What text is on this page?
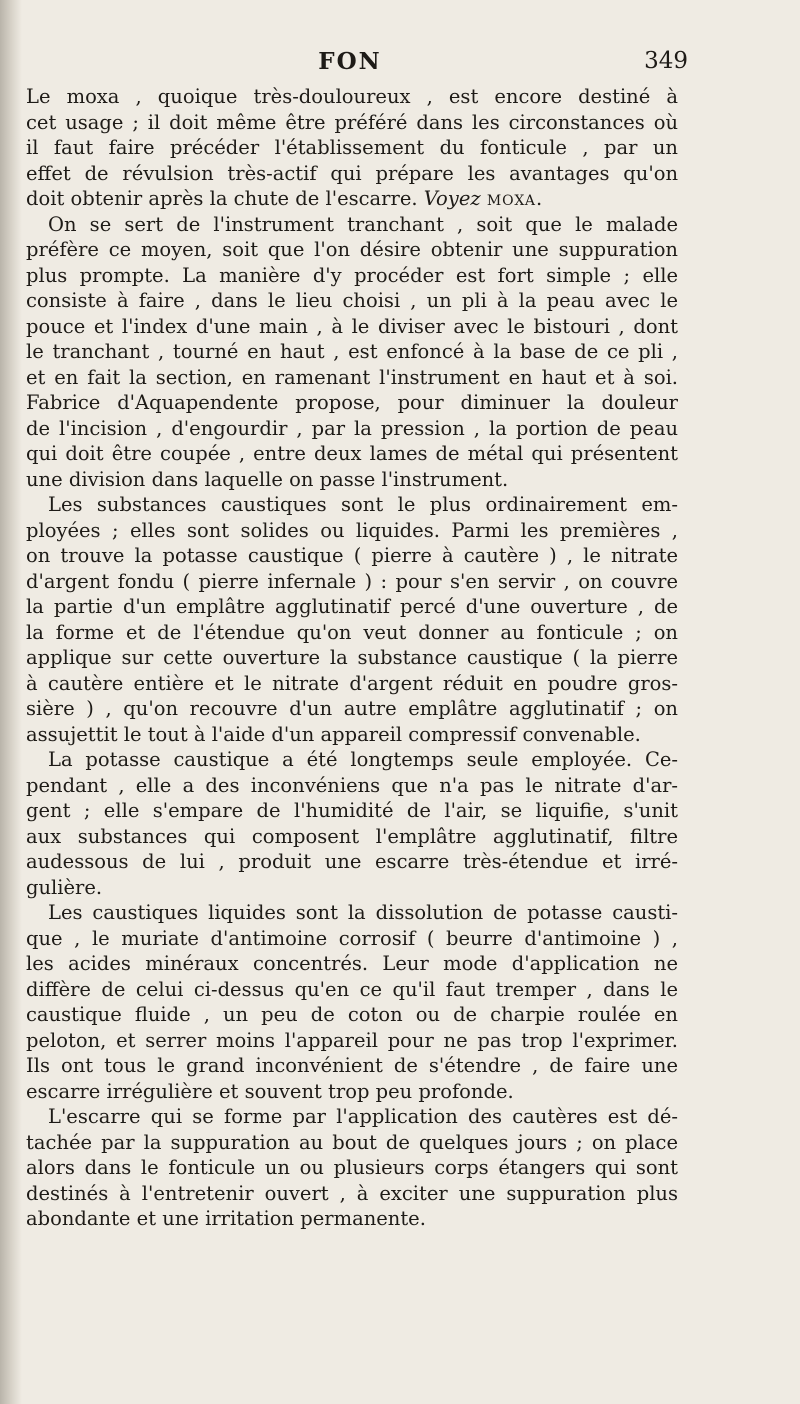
FON	349

Le moxa , quoique très-douloureux , est encore destiné à
cet usage ; il doit même être préféré dans les circonstances où
il faut faire précéder l'établissement du fonticule , par un
effet de révulsion très-actif qui prépare les avantages qu'on
doit obtenir après la chute de l'escarre. Voyez MOXA.

On se sert de l'instrument tranchant , soit que le malade
préfère ce moyen, soit que l'on désire obtenir une suppuration
plus prompte. La manière d'y procéder est fort simple ; elle
consiste à faire , dans le lieu choisi , un pli à la peau avec le
pouce et l'index d'une main , à le diviser avec le bistouri , dont
le tranchant , tourné en haut , est enfoncé à la base de ce pli ,
et en fait la section, en ramenant l'instrument en haut et à soi.
Fabrice d'Aquapendente propose, pour diminuer la douleur
de l'incision , d'engourdir , par la pression , la portion de peau
qui doit être coupée , entre deux lames de métal qui présentent
une division dans laquelle on passe l'instrument.

Les substances caustiques sont le plus ordinairement em-
ployées ; elles sont solides ou liquides. Parmi les premières ,
on trouve la potasse caustique ( pierre à cautère ) , le nitrate
d'argent fondu ( pierre infernale ) : pour s'en servir , on couvre
la partie d'un emplâtre agglutinatif percé d'une ouverture , de
la forme et de l'étendue qu'on veut donner au fonticule ; on
applique sur cette ouverture la substance caustique ( la pierre
à cautère entière et le nitrate d'argent réduit en poudre gros-
sière ) , qu'on recouvre d'un autre emplâtre agglutinatif ; on
assujettit le tout à l'aide d'un appareil compressif convenable.

La potasse caustique a été longtemps seule employée. Ce-
pendant , elle a des inconvéniens que n'a pas le nitrate d'ar-
gent ; elle s'empare de l'humidité de l'air, se liquifie, s'unit
aux substances qui composent l'emplâtre agglutinatif, filtre
audessous de lui , produit une escarre très-étendue et irré-
gulière.

Les caustiques liquides sont la dissolution de potasse causti-
que , le muriate d'antimoine corrosif ( beurre d'antimoine ) ,
les acides minéraux concentrés. Leur mode d'application ne
diffère de celui ci-dessus qu'en ce qu'il faut tremper , dans le
caustique fluide , un peu de coton ou de charpie roulée en
peloton, et serrer moins l'appareil pour ne pas trop l'exprimer.
Ils ont tous le grand inconvénient de s'étendre , de faire une
escarre irrégulière et souvent trop peu profonde.

L'escarre qui se forme par l'application des cautères est dé-
tachée par la suppuration au bout de quelques jours ; on place
alors dans le fonticule un ou plusieurs corps étangers qui sont
destinés à l'entretenir ouvert , à exciter une suppuration plus
abondante et une irritation permanente.
